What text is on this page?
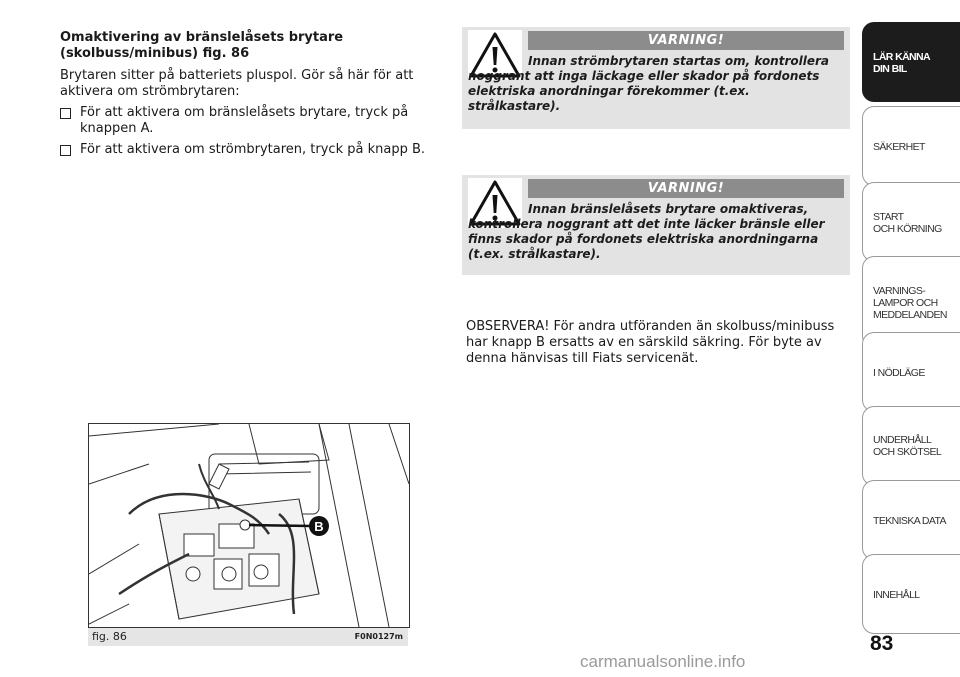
Omaktivering av bränslelåsets brytare (skolbuss/minibus) fig. 86

Brytaren sitter på batteriets pluspol. Gör så här för att aktivera om strömbrytaren:

För att aktivera om bränslelåsets brytare, tryck på knappen A.
För att aktivera om strömbrytaren, tryck på knapp B.
B
fig. 86	F0N0127m
VARNING!
Innan strömbrytaren startas om, kontrollera noggrant att inga läckage eller skador på fordonets elektriska anordningar förekommer (t.ex. strålkastare).
VARNING!
Innan bränslelåsets brytare omaktiveras, kontrollera noggrant att det inte läcker bränsle eller finns skador på fordonets elektriska anordningarna (t.ex. strålkastare).

OBSERVERA! För andra utföranden än skolbuss/minibuss har knapp B ersatts av en särskild säkring. För byte av denna hänvisas till Fiats servicenät.

LÄR KÄNNA
DIN BIL
SÄKERHET
START
OCH KÖRNING
VARNINGS-
LAMPOR OCH
MEDDELANDEN
I NÖDLÄGE
UNDERHÅLL
OCH SKÖTSEL
TEKNISKA DATA
INNEHÅLL
83
carmanualsonline.info
